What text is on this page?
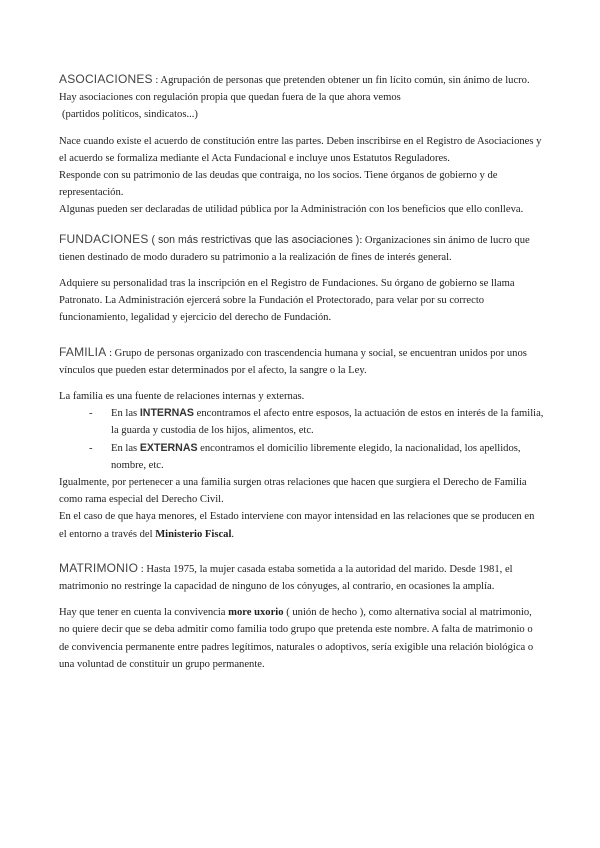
ASOCIACIONES : Agrupación de personas que pretenden obtener un fin lícito común, sin ánimo de lucro. Hay asociaciones con regulación propia que quedan fuera de la que ahora vemos

(partidos políticos, sindicatos...)

Nace cuando existe el acuerdo de constitución entre las partes. Deben inscribirse en el Registro de Asociaciones y el acuerdo se formaliza mediante el Acta Fundacional e incluye unos Estatutos Reguladores.

Responde con su patrimonio de las deudas que contraiga, no los socios. Tiene órganos de gobierno y de representación.

Algunas pueden ser declaradas de utilidad pública por la Administración con los beneficios que ello conlleva.

FUNDACIONES ( son más restrictivas que las asociaciones ): Organizaciones sin ánimo de lucro que tienen destinado de modo duradero su patrimonio a la realización de fines de interés general.

Adquiere su personalidad tras la inscripción en el Registro de Fundaciones. Su órgano de gobierno se llama Patronato. La Administración ejercerá sobre la Fundación el Protectorado, para velar por su correcto funcionamiento, legalidad y ejercicio del derecho de Fundación.

FAMILIA : Grupo de personas organizado con trascendencia humana y social, se encuentran unidos por unos vínculos que pueden estar determinados por el afecto, la sangre o la Ley.

La familia es una fuente de relaciones internas y externas.

- En las INTERNAS encontramos el afecto entre esposos, la actuación de estos en interés de la familia, la guarda y custodia de los hijos, alimentos, etc.
- En las EXTERNAS encontramos el domicilio libremente elegido, la nacionalidad, los apellidos, nombre, etc.

Igualmente, por pertenecer a una familia surgen otras relaciones que hacen que surgiera el Derecho de Familia como rama especial del Derecho Civil.

En el caso de que haya menores, el Estado interviene con mayor intensidad en las relaciones que se producen en el entorno a través del Ministerio Fiscal.

MATRIMONIO : Hasta 1975, la mujer casada estaba sometida a la autoridad del marido. Desde 1981, el matrimonio no restringe la capacidad de ninguno de los cónyuges, al contrario, en ocasiones la amplía.

Hay que tener en cuenta la convivencia more uxorio ( unión de hecho ), como alternativa social al matrimonio, no quiere decir que se deba admitir como familia todo grupo que pretenda este nombre. A falta de matrimonio o de convivencia permanente entre padres legítimos, naturales o adoptivos, sería exigible una relación biológica o una voluntad de constituir un grupo permanente.
